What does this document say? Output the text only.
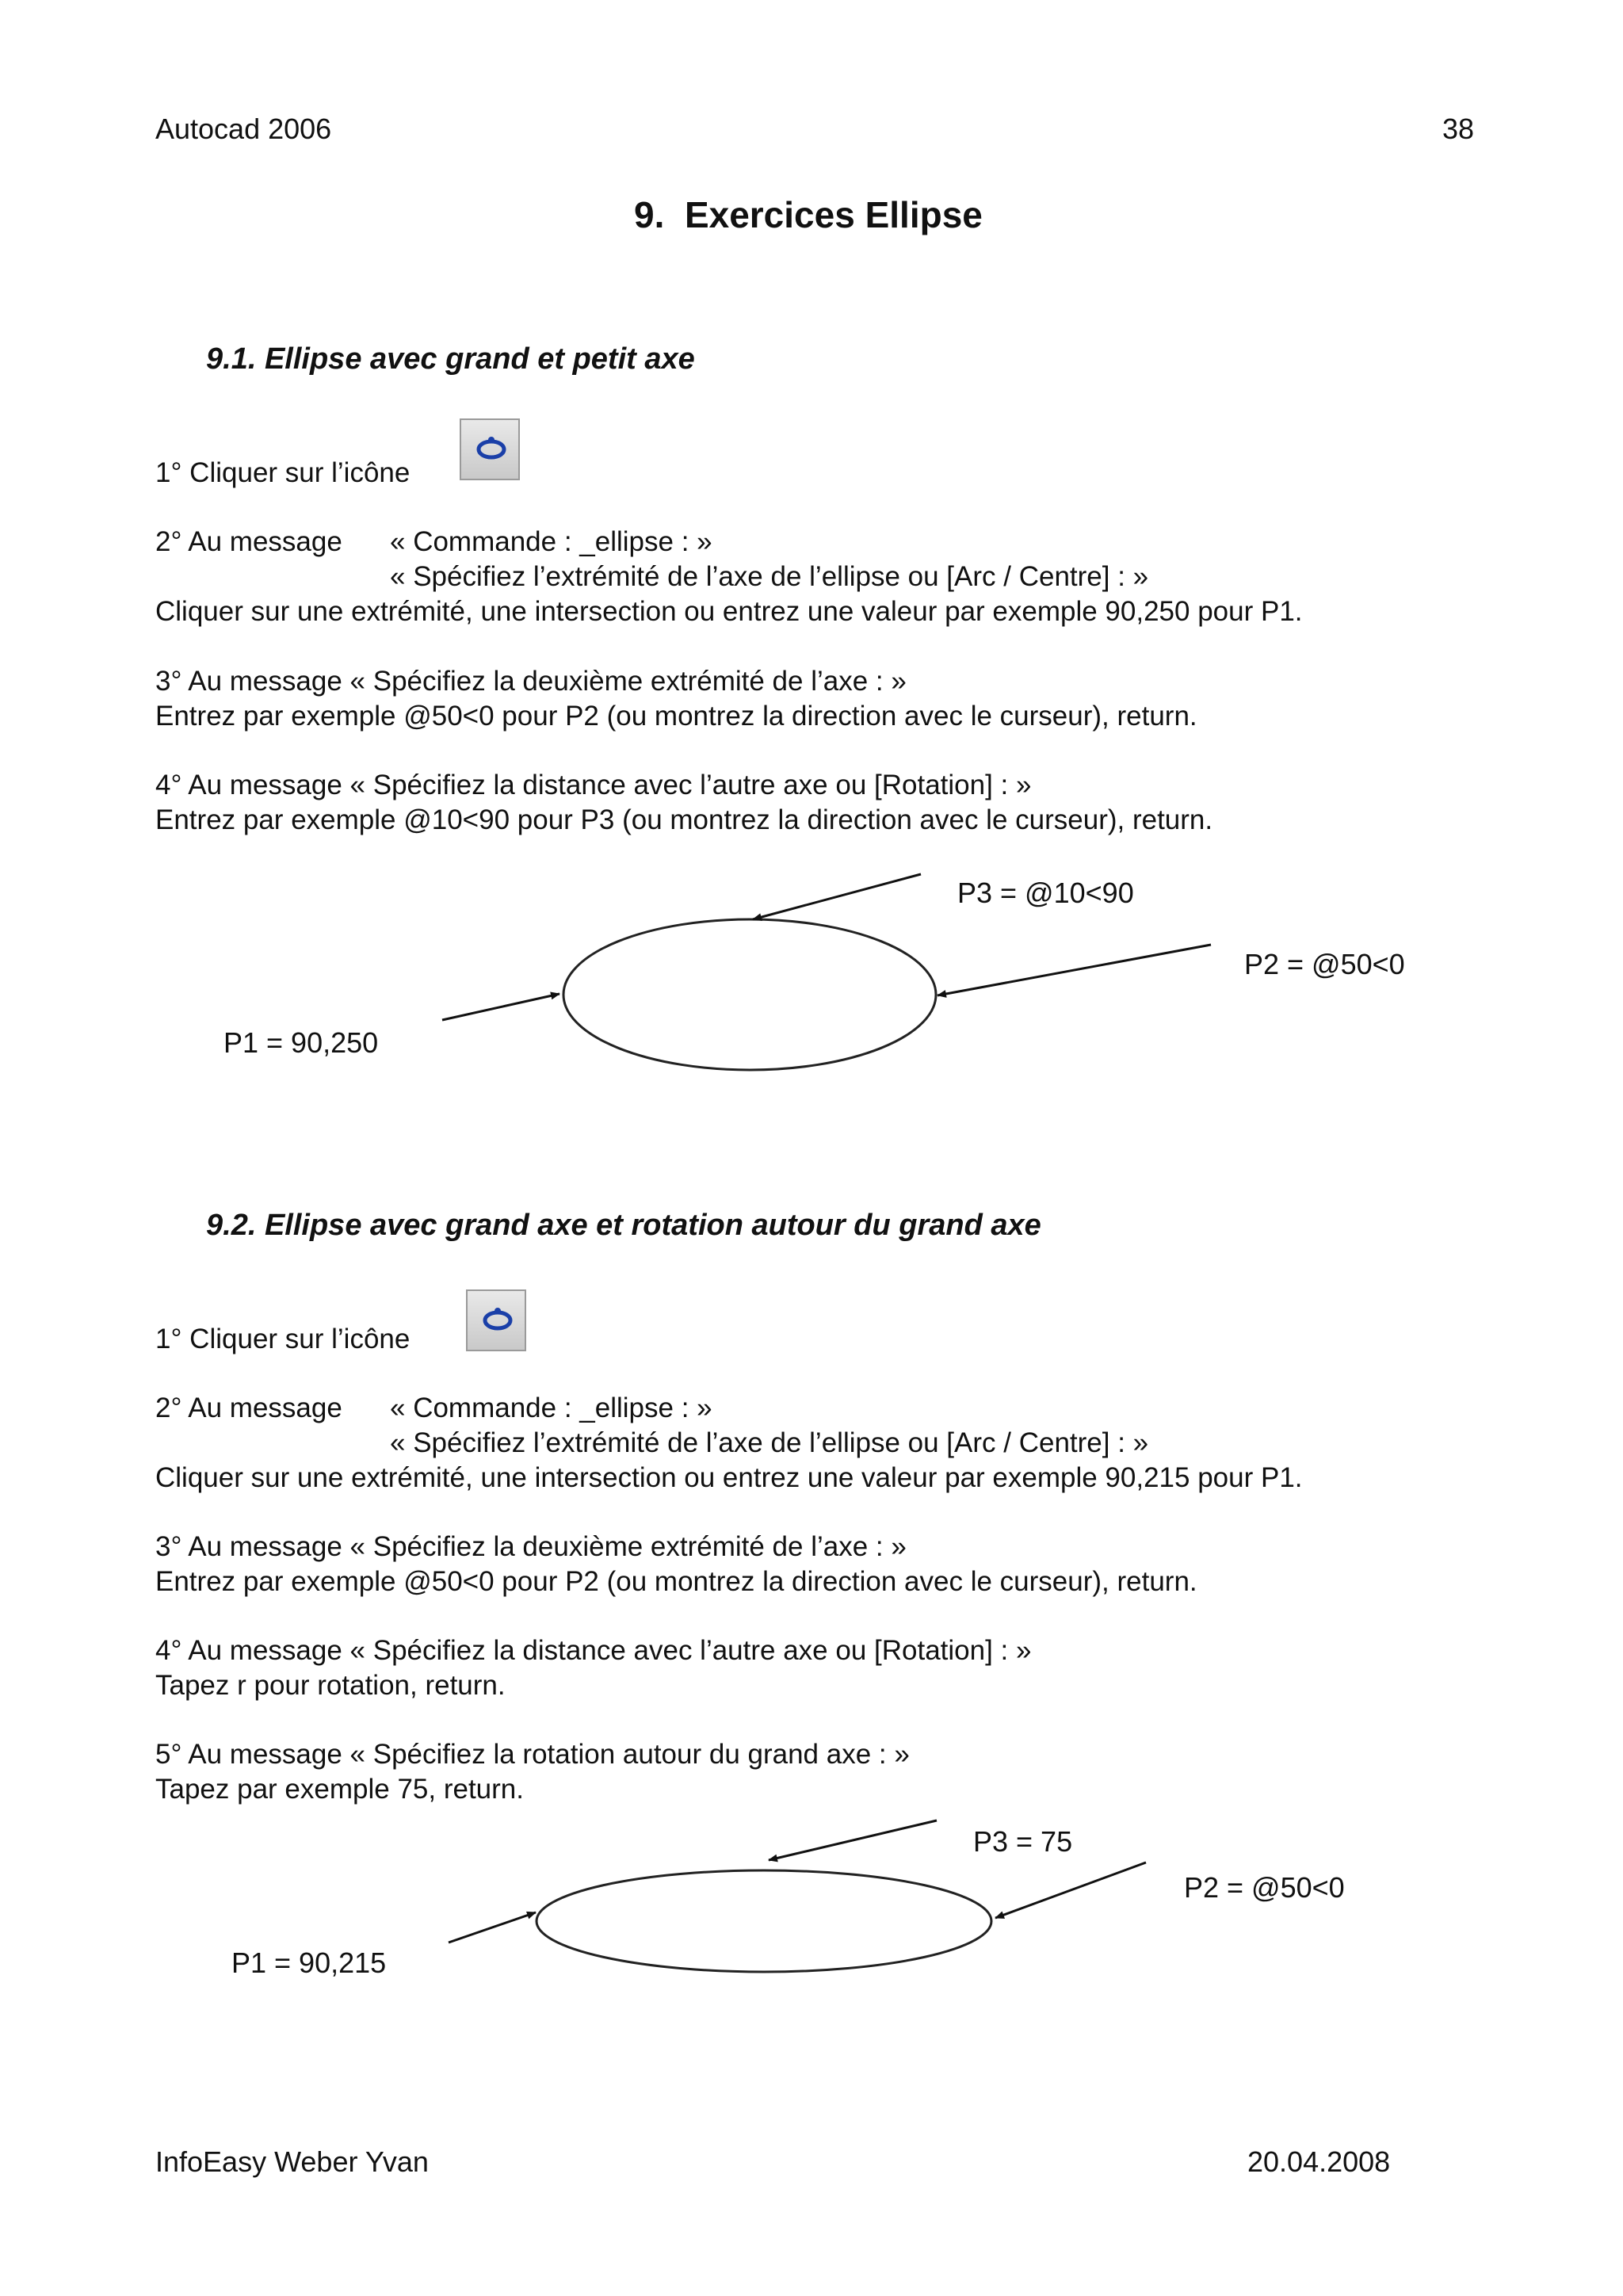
Autocad 2006	38
9. Exercices Ellipse
9.1. Ellipse avec grand et petit axe
1° Cliquer sur l’icône
2° Au message « Commande : _ellipse : »
« Spécifiez l’extrémité de l’axe de l’ellipse ou [Arc / Centre] : »
Cliquer sur une extrémité, une intersection ou entrez une valeur par exemple 90,250 pour P1.
3° Au message « Spécifiez la deuxième extrémité de l’axe : »
Entrez par exemple @50<0 pour P2 (ou montrez la direction avec le curseur), return.
4° Au message « Spécifiez la distance avec l’autre axe ou [Rotation] : »
Entrez par exemple @10<90 pour P3 (ou montrez la direction avec le curseur), return.
P1 = 90,250
P2 = @50<0
P3 = @10<90
9.2. Ellipse avec grand axe et rotation autour du grand axe
1° Cliquer sur l’icône
2° Au message « Commande : _ellipse : »
« Spécifiez l’extrémité de l’axe de l’ellipse ou [Arc / Centre] : »
Cliquer sur une extrémité, une intersection ou entrez une valeur par exemple 90,215 pour P1.
3° Au message « Spécifiez la deuxième extrémité de l’axe : »
Entrez par exemple @50<0 pour P2 (ou montrez la direction avec le curseur), return.
4° Au message « Spécifiez la distance avec l’autre axe ou [Rotation] : »
Tapez r pour rotation, return.
5° Au message « Spécifiez la rotation autour du grand axe : »
Tapez par exemple 75, return.
P1 = 90,215
P2 = @50<0
P3 = 75
InfoEasy Weber Yvan	20.04.2008
